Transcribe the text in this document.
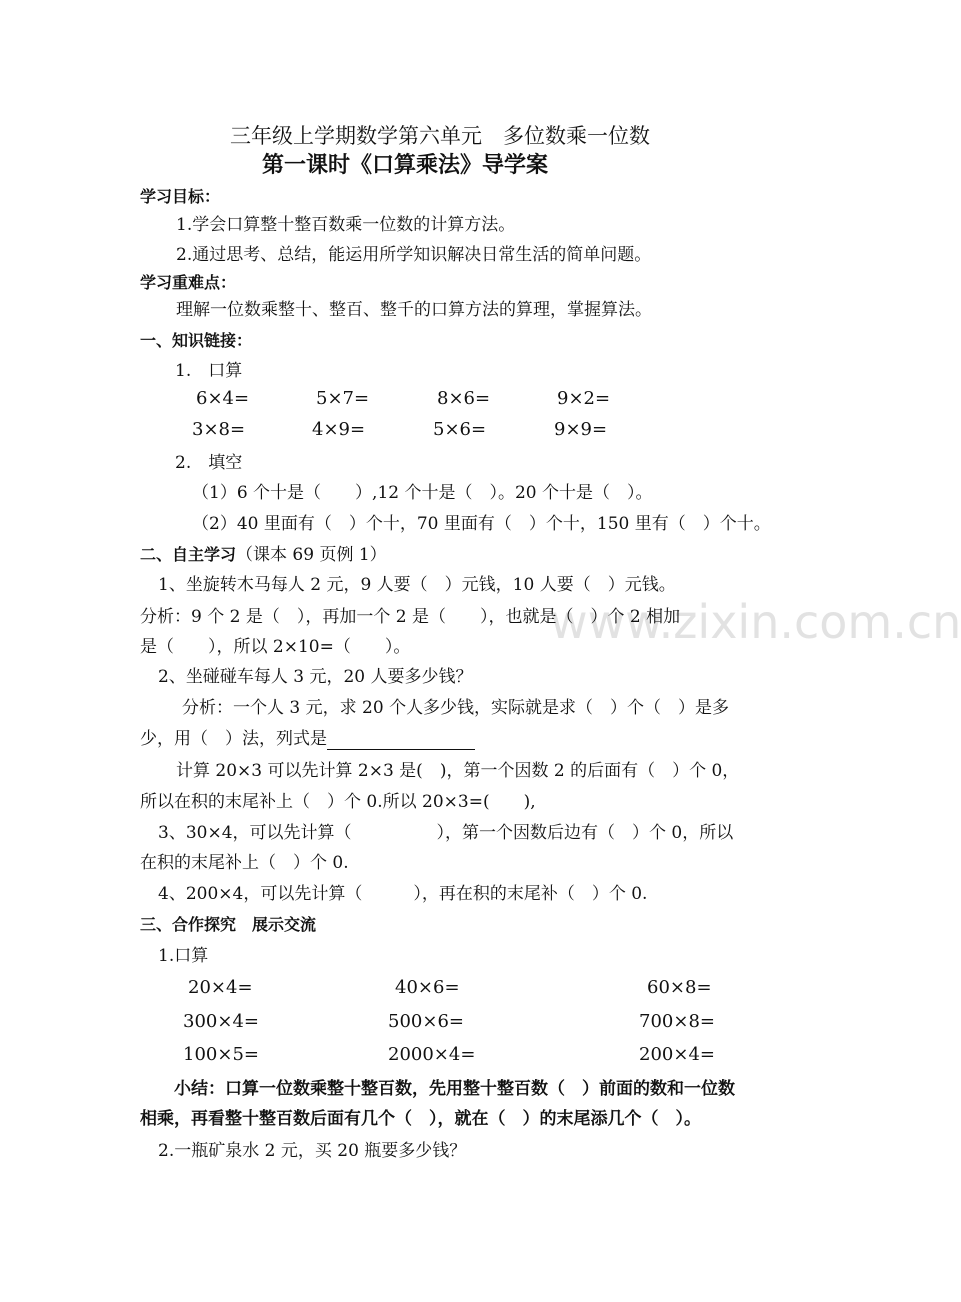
www.zixin.com.cn
三年级上学期数学第六单元　多位数乘一位数
第一课时《口算乘法》导学案
学习目标：
1.学会口算整十整百数乘一位数的计算方法。
2.通过思考、总结，能运用所学知识解决日常生活的简单问题。
学习重难点：
理解一位数乘整十、整百、整千的口算方法的算理，掌握算法。
一、知识链接：
1.　口算
6×4=	5×7=	8×6=	9×2=
3×8=	4×9=	5×6=	9×9=
2.　填空
（1）6 个十是（　　）,12 个十是（　）。20 个十是（　）。
（2）40 里面有（　）个十，70 里面有（　）个十，150 里有（　）个十。
二、自主学习（课本 69 页例 1）
1、坐旋转木马每人 2 元，9 人要（　）元钱，10 人要（　）元钱。
分析：9 个 2 是（　），再加一个 2 是（　　），也就是（　）个 2 相加
是（　　），所以 2×10=（　　）。
2、坐碰碰车每人 3 元，20 人要多少钱？
分析：一个人 3 元，求 20 个人多少钱，实际就是求（　）个（　）是多
少，用（　）法，列式是
计算 20×3 可以先计算 2×3 是(　)，第一个因数 2 的后面有（　）个 0，
所以在积的末尾补上（　）个 0.所以 20×3=(　　),
3、30×4，可以先计算（　　　　　），第一个因数后边有（　）个 0，所以
在积的末尾补上（　）个 0.
4、200×4，可以先计算（　　　），再在积的末尾补（　）个 0.
三、合作探究　展示交流
1.口算
20×4=	40×6=	60×8=
300×4=	500×6=	700×8=
100×5=	2000×4=	200×4=
小结：口算一位数乘整十整百数，先用整十整百数（　）前面的数和一位数
相乘，再看整十整百数后面有几个（　），就在（　）的末尾添几个（　）。
2.一瓶矿泉水 2 元，买 20 瓶要多少钱？
